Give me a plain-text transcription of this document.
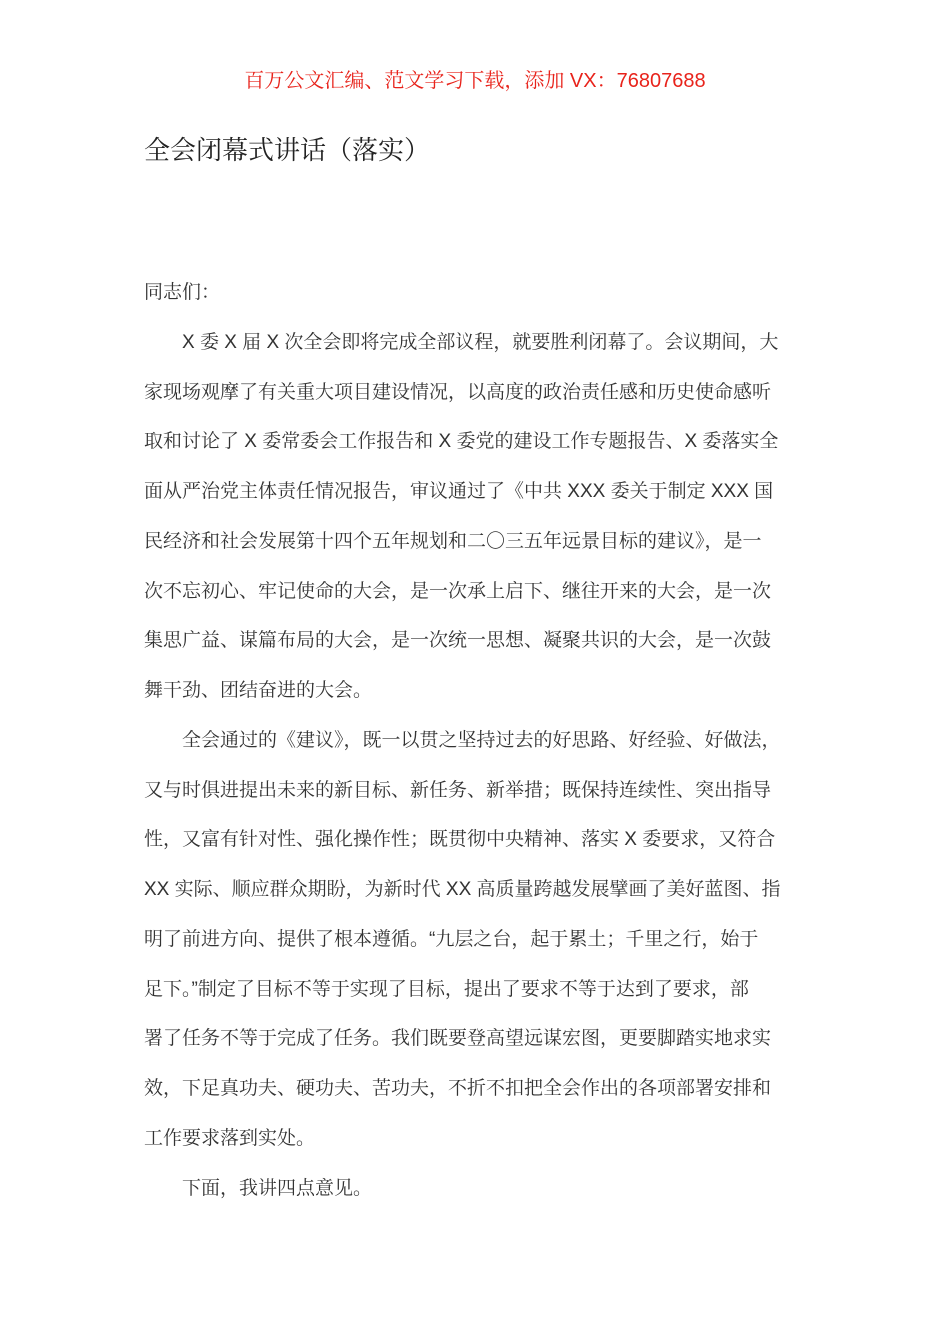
百万公文汇编、范文学习下载，添加 VX：76807688
全会闭幕式讲话（落实）
同志们：
　　X 委 X 届 X 次全会即将完成全部议程，就要胜利闭幕了。会议期间，大
家现场观摩了有关重大项目建设情况，以高度的政治责任感和历史使命感听
取和讨论了 X 委常委会工作报告和 X 委党的建设工作专题报告、X 委落实全
面从严治党主体责任情况报告，审议通过了《中共 XXX 委关于制定 XXX 国
民经济和社会发展第十四个五年规划和二〇三五年远景目标的建议》，是一
次不忘初心、牢记使命的大会，是一次承上启下、继往开来的大会，是一次
集思广益、谋篇布局的大会，是一次统一思想、凝聚共识的大会，是一次鼓
舞干劲、团结奋进的大会。
　　全会通过的《建议》，既一以贯之坚持过去的好思路、好经验、好做法，
又与时俱进提出未来的新目标、新任务、新举措；既保持连续性、突出指导
性，又富有针对性、强化操作性；既贯彻中央精神、落实 X 委要求，又符合
XX 实际、顺应群众期盼，为新时代 XX 高质量跨越发展擘画了美好蓝图、指
明了前进方向、提供了根本遵循。“九层之台，起于累土；千里之行，始于
足下。”制定了目标不等于实现了目标，提出了要求不等于达到了要求，部
署了任务不等于完成了任务。我们既要登高望远谋宏图，更要脚踏实地求实
效，下足真功夫、硬功夫、苦功夫，不折不扣把全会作出的各项部署安排和
工作要求落到实处。
　　下面，我讲四点意见。
